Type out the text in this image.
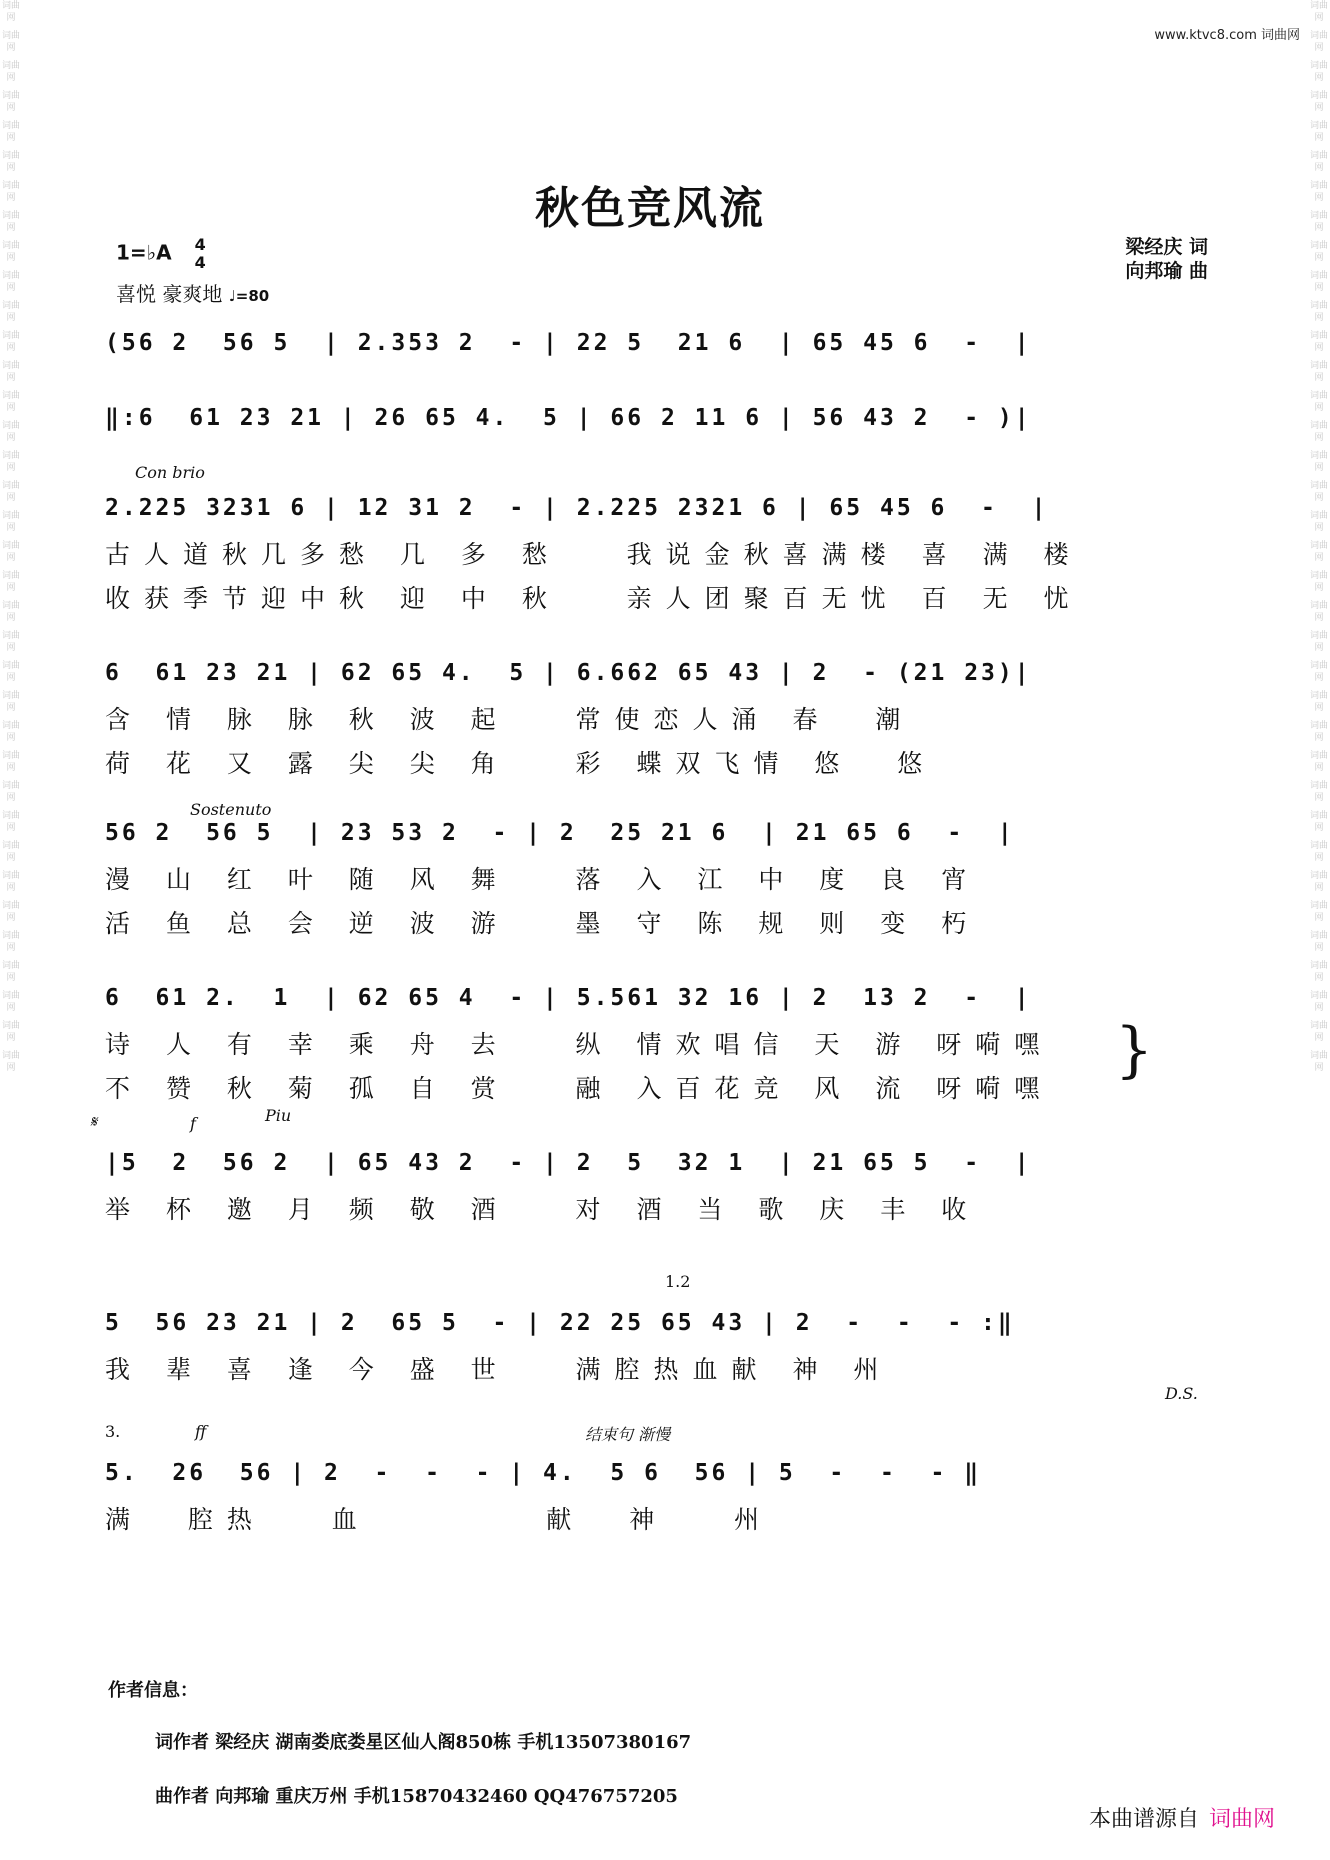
词曲网
词曲网
词曲网
词曲网
词曲网
词曲网
词曲网
词曲网
词曲网
词曲网
词曲网
词曲网
词曲网
词曲网
词曲网
词曲网
词曲网
词曲网
词曲网
词曲网
词曲网
词曲网
词曲网
词曲网
词曲网
词曲网
词曲网
词曲网
词曲网
词曲网
词曲网
词曲网
词曲网
词曲网
词曲网
词曲网
词曲网
词曲网
词曲网
词曲网
词曲网
词曲网
词曲网
词曲网
词曲网
词曲网
词曲网
词曲网
词曲网
词曲网
词曲网
词曲网
词曲网
词曲网
词曲网
词曲网
词曲网
词曲网
词曲网
词曲网
词曲网
词曲网
词曲网
词曲网
词曲网
词曲网
词曲网
词曲网
词曲网
词曲网
词曲网
词曲网
www.ktvc8.com 词曲网
秋色竞风流
1=♭A 4
4
喜悦 豪爽地 ♩=80
梁经庆 词
向邦瑜 曲
(56 2  56 5  | 2.353 2  - | 22 5  21 6  | 65 45 6  -  |
‖:6  61 23 21 | 26 65 4.  5 | 66 2 11 6 | 56 43 2  - )|
Con brio
2.225 3231 6 | 12 31 2  - | 2.225 2321 6 | 65 45 6  -  |
古人道秋几多愁 几 多 愁   我说金秋喜满楼 喜 满 楼
收获季节迎中秋 迎 中 秋   亲人团聚百无忧 百 无 忧
6  61 23 21 | 62 65 4.  5 | 6.662 65 43 | 2  - (21 23)|
含 情 脉 脉 秋 波 起   常使恋人涌 春  潮
荷 花 又 露 尖 尖 角   彩 蝶双飞情 悠  悠
Sostenuto
56 2  56 5  | 23 53 2  - | 2  25 21 6  | 21 65 6  -  |
漫 山 红 叶 随 风 舞   落 入 江 中 度 良 宵
活 鱼 总 会 逆 波 游   墨 守 陈 规 则 变 朽
6  61 2.  1  | 62 65 4  - | 5.561 32 16 | 2  13 2  -  |
诗 人 有 幸 乘 舟 去   纵 情欢唱信 天 游 呀嗬嘿
不 赞 秋 菊 孤 自 赏   融 入百花竞 风 流 呀嗬嘿
}
|5  2  56 2  | 65 43 2  - | 2  5  32 1  | 21 65 5  -  |
举 杯 邀 月 频 敬 酒   对 酒 当 歌 庆 丰 收
𝄋	f	Piu
5  56 23 21 | 2  65 5  - | 22 25 65 43 | 2  -  -  - :‖
我 辈 喜 逢 今 盛 世   满腔热血献 神 州
1.2
D.S.
5.  26  56 | 2  -  -  - | 4.  5 6  56 | 5  -  -  - ‖
满  腔热   血        献  神   州
ff	结束句 渐慢
3.
作者信息：
词作者 梁经庆 湖南娄底娄星区仙人阁850栋 手机13507380167
曲作者 向邦瑜 重庆万州 手机15870432460 QQ476757205
本曲谱源自 词曲网
